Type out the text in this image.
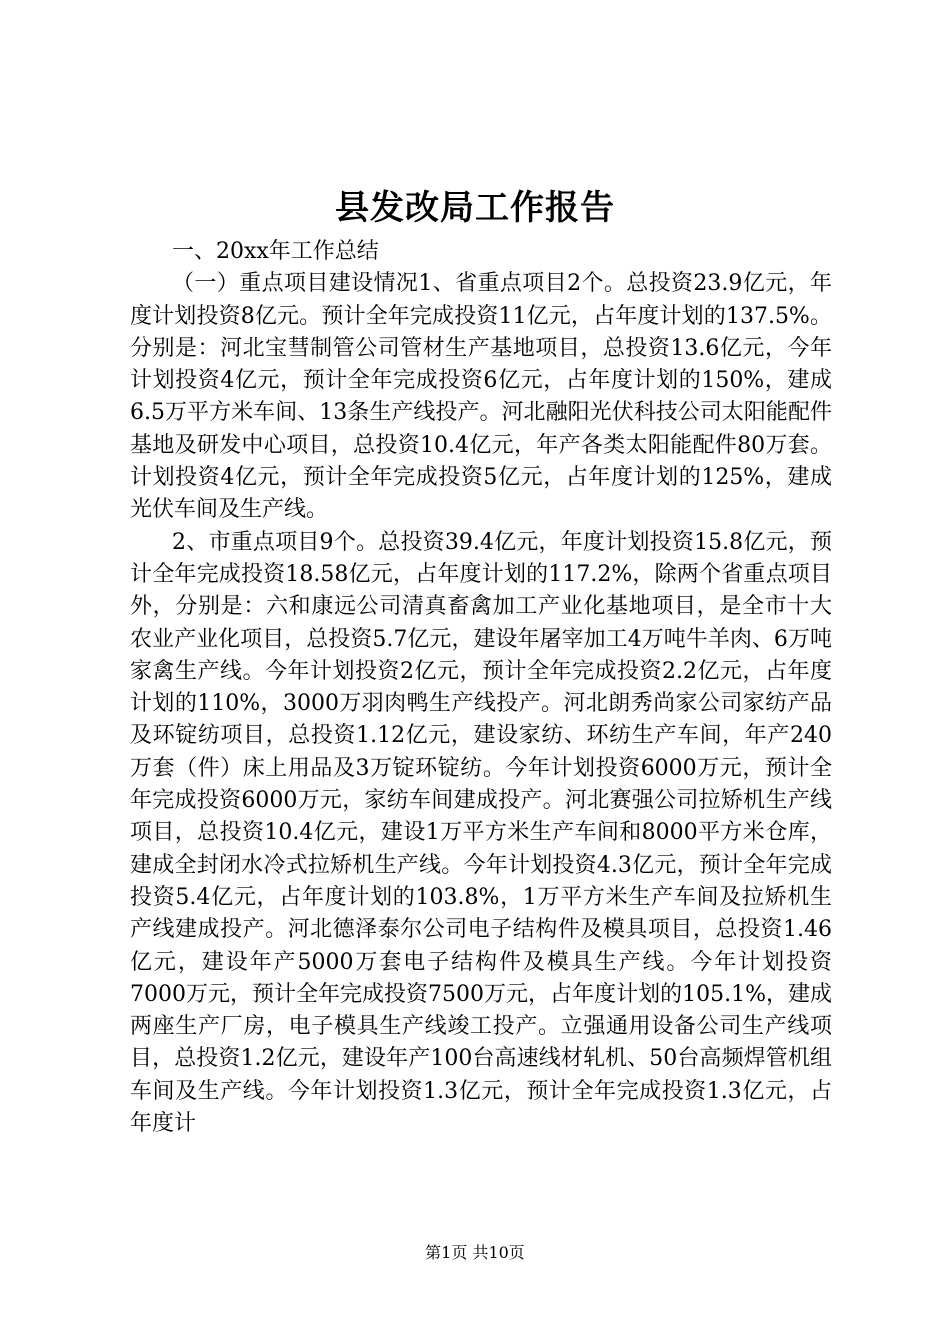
县发改局工作报告

一、20xx年工作总结

（一）重点项目建设情况1、省重点项目2个。总投资23.9亿元，年度计划投资8亿元。预计全年完成投资11亿元，占年度计划的137.5%。分别是：河北宝彗制管公司管材生产基地项目，总投资13.6亿元，今年计划投资4亿元，预计全年完成投资6亿元，占年度计划的150%，建成6.5万平方米车间、13条生产线投产。河北融阳光伏科技公司太阳能配件基地及研发中心项目，总投资10.4亿元，年产各类太阳能配件80万套。计划投资4亿元，预计全年完成投资5亿元，占年度计划的125%，建成光伏车间及生产线。

2、市重点项目9个。总投资39.4亿元，年度计划投资15.8亿元，预计全年完成投资18.58亿元，占年度计划的117.2%，除两个省重点项目外，分别是：六和康远公司清真畜禽加工产业化基地项目，是全市十大农业产业化项目，总投资5.7亿元，建设年屠宰加工4万吨牛羊肉、6万吨家禽生产线。今年计划投资2亿元，预计全年完成投资2.2亿元，占年度计划的110%，3000万羽肉鸭生产线投产。河北朗秀尚家公司家纺产品及环锭纺项目，总投资1.12亿元，建设家纺、环纺生产车间，年产240万套（件）床上用品及3万锭环锭纺。今年计划投资6000万元，预计全年完成投资6000万元，家纺车间建成投产。河北赛强公司拉矫机生产线项目，总投资10.4亿元，建设1万平方米生产车间和8000平方米仓库，建成全封闭水冷式拉矫机生产线。今年计划投资4.3亿元，预计全年完成投资5.4亿元，占年度计划的103.8%，1万平方米生产车间及拉矫机生产线建成投产。河北德泽泰尔公司电子结构件及模具项目，总投资1.46亿元，建设年产5000万套电子结构件及模具生产线。今年计划投资7000万元，预计全年完成投资7500万元，占年度计划的105.1%，建成两座生产厂房，电子模具生产线竣工投产。立强通用设备公司生产线项目，总投资1.2亿元，建设年产100台高速线材轧机、50台高频焊管机组车间及生产线。今年计划投资1.3亿元，预计全年完成投资1.3亿元，占年度计

第1页 共10页
